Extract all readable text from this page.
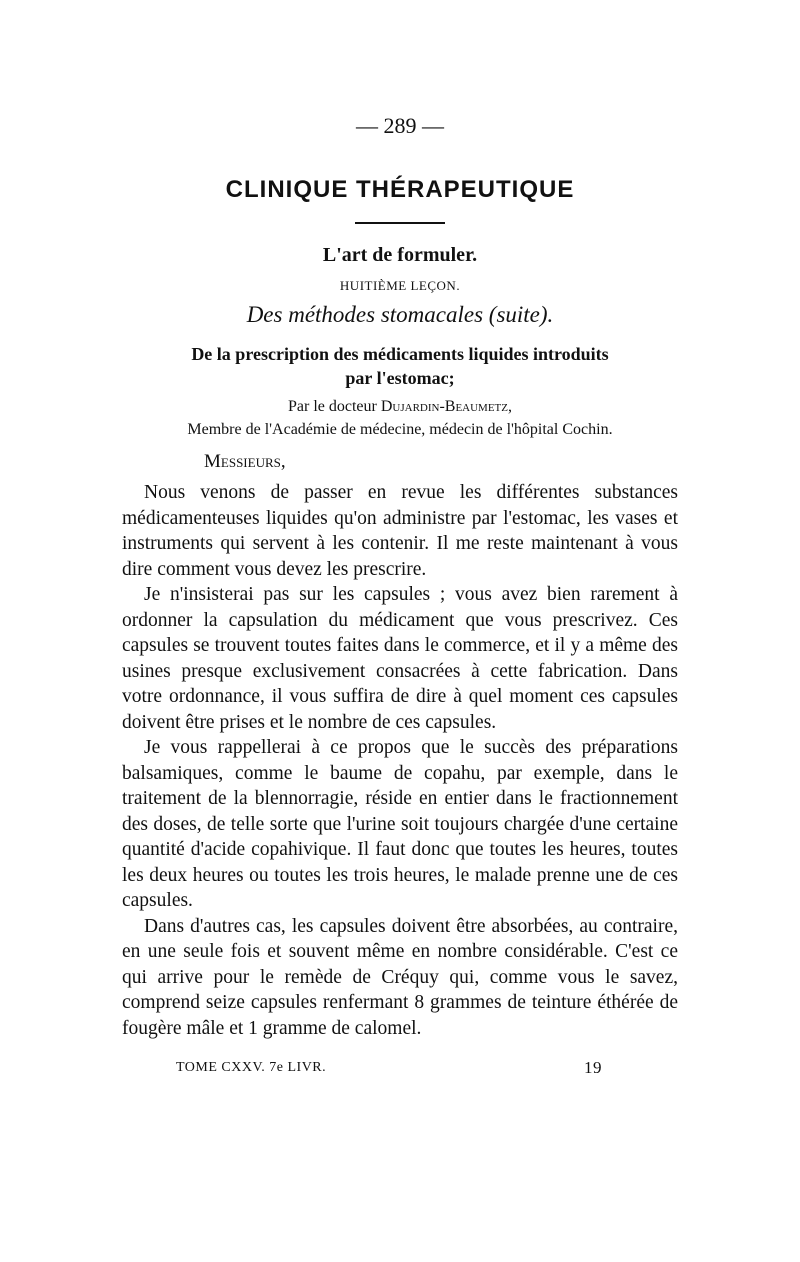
— 289 —
CLINIQUE THÉRAPEUTIQUE
L'art de formuler.
HUITIÈME LEÇON.
Des méthodes stomacales (suite).
De la prescription des médicaments liquides introduits
par l'estomac;
Par le docteur Dujardin-Beaumetz,
Membre de l'Académie de médecine, médecin de l'hôpital Cochin.
Messieurs,

Nous venons de passer en revue les différentes substances médicamenteuses liquides qu'on administre par l'estomac, les vases et instruments qui servent à les contenir. Il me reste maintenant à vous dire comment vous devez les prescrire.

Je n'insisterai pas sur les capsules ; vous avez bien rarement à ordonner la capsulation du médicament que vous prescrivez. Ces capsules se trouvent toutes faites dans le commerce, et il y a même des usines presque exclusivement consacrées à cette fabrication. Dans votre ordonnance, il vous suffira de dire à quel moment ces capsules doivent être prises et le nombre de ces capsules.

Je vous rappellerai à ce propos que le succès des préparations balsamiques, comme le baume de copahu, par exemple, dans le traitement de la blennorragie, réside en entier dans le fractionnement des doses, de telle sorte que l'urine soit toujours chargée d'une certaine quantité d'acide copahivique. Il faut donc que toutes les heures, toutes les deux heures ou toutes les trois heures, le malade prenne une de ces capsules.

Dans d'autres cas, les capsules doivent être absorbées, au contraire, en une seule fois et souvent même en nombre considérable. C'est ce qui arrive pour le remède de Créquy qui, comme vous le savez, comprend seize capsules renfermant 8 grammes de teinture éthérée de fougère mâle et 1 gramme de calomel.

TOME CXXV. 7e LIVR.	19
